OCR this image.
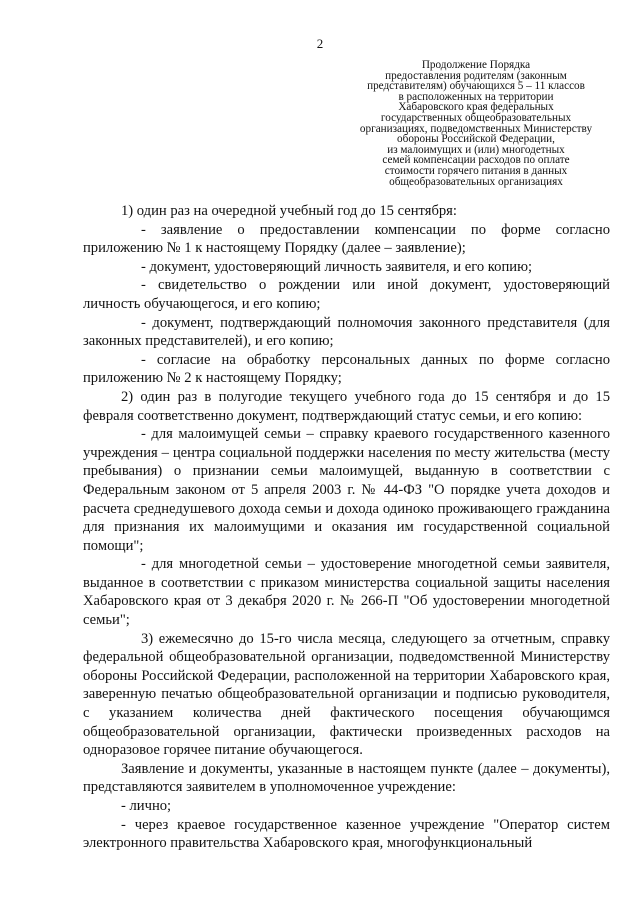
2
Продолжение Порядка
предоставления родителям (законным
представителям) обучающихся 5 – 11 классов
в расположенных на территории
Хабаровского края федеральных
государственных общеобразовательных
организациях, подведомственных Министерству
обороны Российской Федерации,
из малоимущих и (или) многодетных
семей компенсации расходов по оплате
стоимости горячего питания в данных
общеобразовательных организациях

1) один раз на очередной учебный год до 15 сентября:

- заявление о предоставлении компенсации по форме согласно приложению № 1 к настоящему Порядку (далее – заявление);

- документ, удостоверяющий личность заявителя, и его копию;

- свидетельство о рождении или иной документ, удостоверяющий личность обучающегося, и его копию;

- документ, подтверждающий полномочия законного представителя (для законных представителей), и его копию;

- согласие на обработку персональных данных по форме согласно приложению № 2 к настоящему Порядку;

2) один раз в полугодие текущего учебного года до 15 сентября и до 15 февраля соответственно документ, подтверждающий статус семьи, и его копию:

- для малоимущей семьи – справку краевого государственного казенного учреждения – центра социальной поддержки населения по месту жительства (месту пребывания) о признании семьи малоимущей, выданную в соответствии с Федеральным законом от 5 апреля 2003 г. № 44-ФЗ "О порядке учета доходов и расчета среднедушевого дохода семьи и дохода одиноко проживающего гражданина для признания их малоимущими и оказания им государственной социальной помощи";

- для многодетной семьи – удостоверение многодетной семьи заявителя, выданное в соответствии с приказом министерства социальной защиты населения Хабаровского края от 3 декабря 2020 г. № 266-П "Об удостоверении многодетной семьи";

3) ежемесячно до 15-го числа месяца, следующего за отчетным, справку федеральной общеобразовательной организации, подведомственной Министерству обороны Российской Федерации, расположенной на территории Хабаровского края, заверенную печатью общеобразовательной организации и подписью руководителя, с указанием количества дней фактического посещения обучающимся общеобразовательной организации, фактически произведенных расходов на одноразовое горячее питание обучающегося.

Заявление и документы, указанные в настоящем пункте (далее – документы), представляются заявителем в уполномоченное учреждение:

- лично;

- через краевое государственное казенное учреждение "Оператор систем электронного правительства Хабаровского края, многофункциональный
